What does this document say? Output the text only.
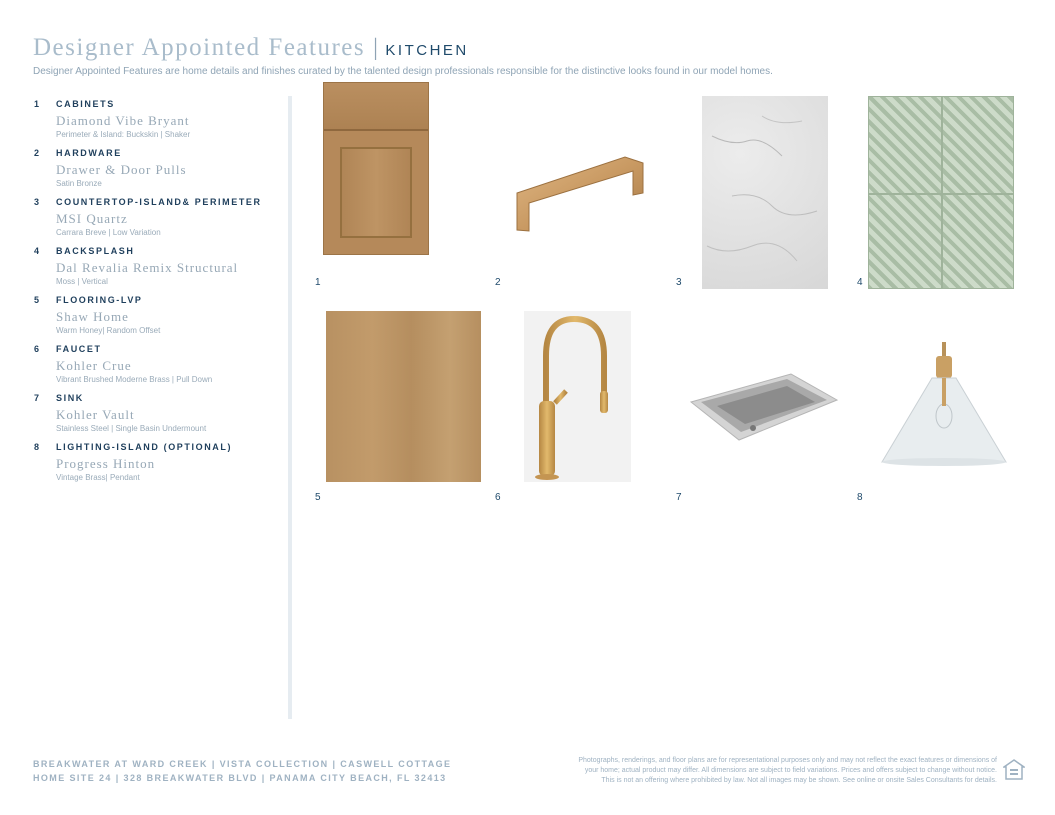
Designer Appointed Features | KITCHEN
Designer Appointed Features are home details and finishes curated by the talented design professionals responsible for the distinctive looks found in our model homes.
1	CABINETS
Diamond Vibe Bryant
Perimeter & Island: Buckskin | Shaker
2	HARDWARE
Drawer & Door Pulls
Satin Bronze
3	COUNTERTOP-ISLAND& PERIMETER
MSI Quartz
Carrara Breve | Low Variation
4	BACKSPLASH
Dal Revalia Remix Structural
Moss | Vertical
5	FLOORING-LVP
Shaw Home
Warm Honey| Random Offset
6	FAUCET
Kohler Crue
Vibrant Brushed Moderne Brass | Pull Down
7	SINK
Kohler Vault
Stainless Steel | Single Basin Undermount
8	LIGHTING-ISLAND (OPTIONAL)
Progress Hinton
Vintage Brass| Pendant
1	2	3	4
5	6	7	8
BREAKWATER AT WARD CREEK | VISTA COLLECTION | CASWELL COTTAGE
HOME SITE 24 | 328 BREAKWATER BLVD | PANAMA CITY BEACH, FL 32413
Photographs, renderings, and floor plans are for representational purposes only and may not reflect the exact features or dimensions of
your home; actual product may differ. All dimensions are subject to field variations. Prices and offers subject to change without notice.
This is not an offering where prohibited by law. Not all images may be shown. See online or onsite Sales Consultants for details.
